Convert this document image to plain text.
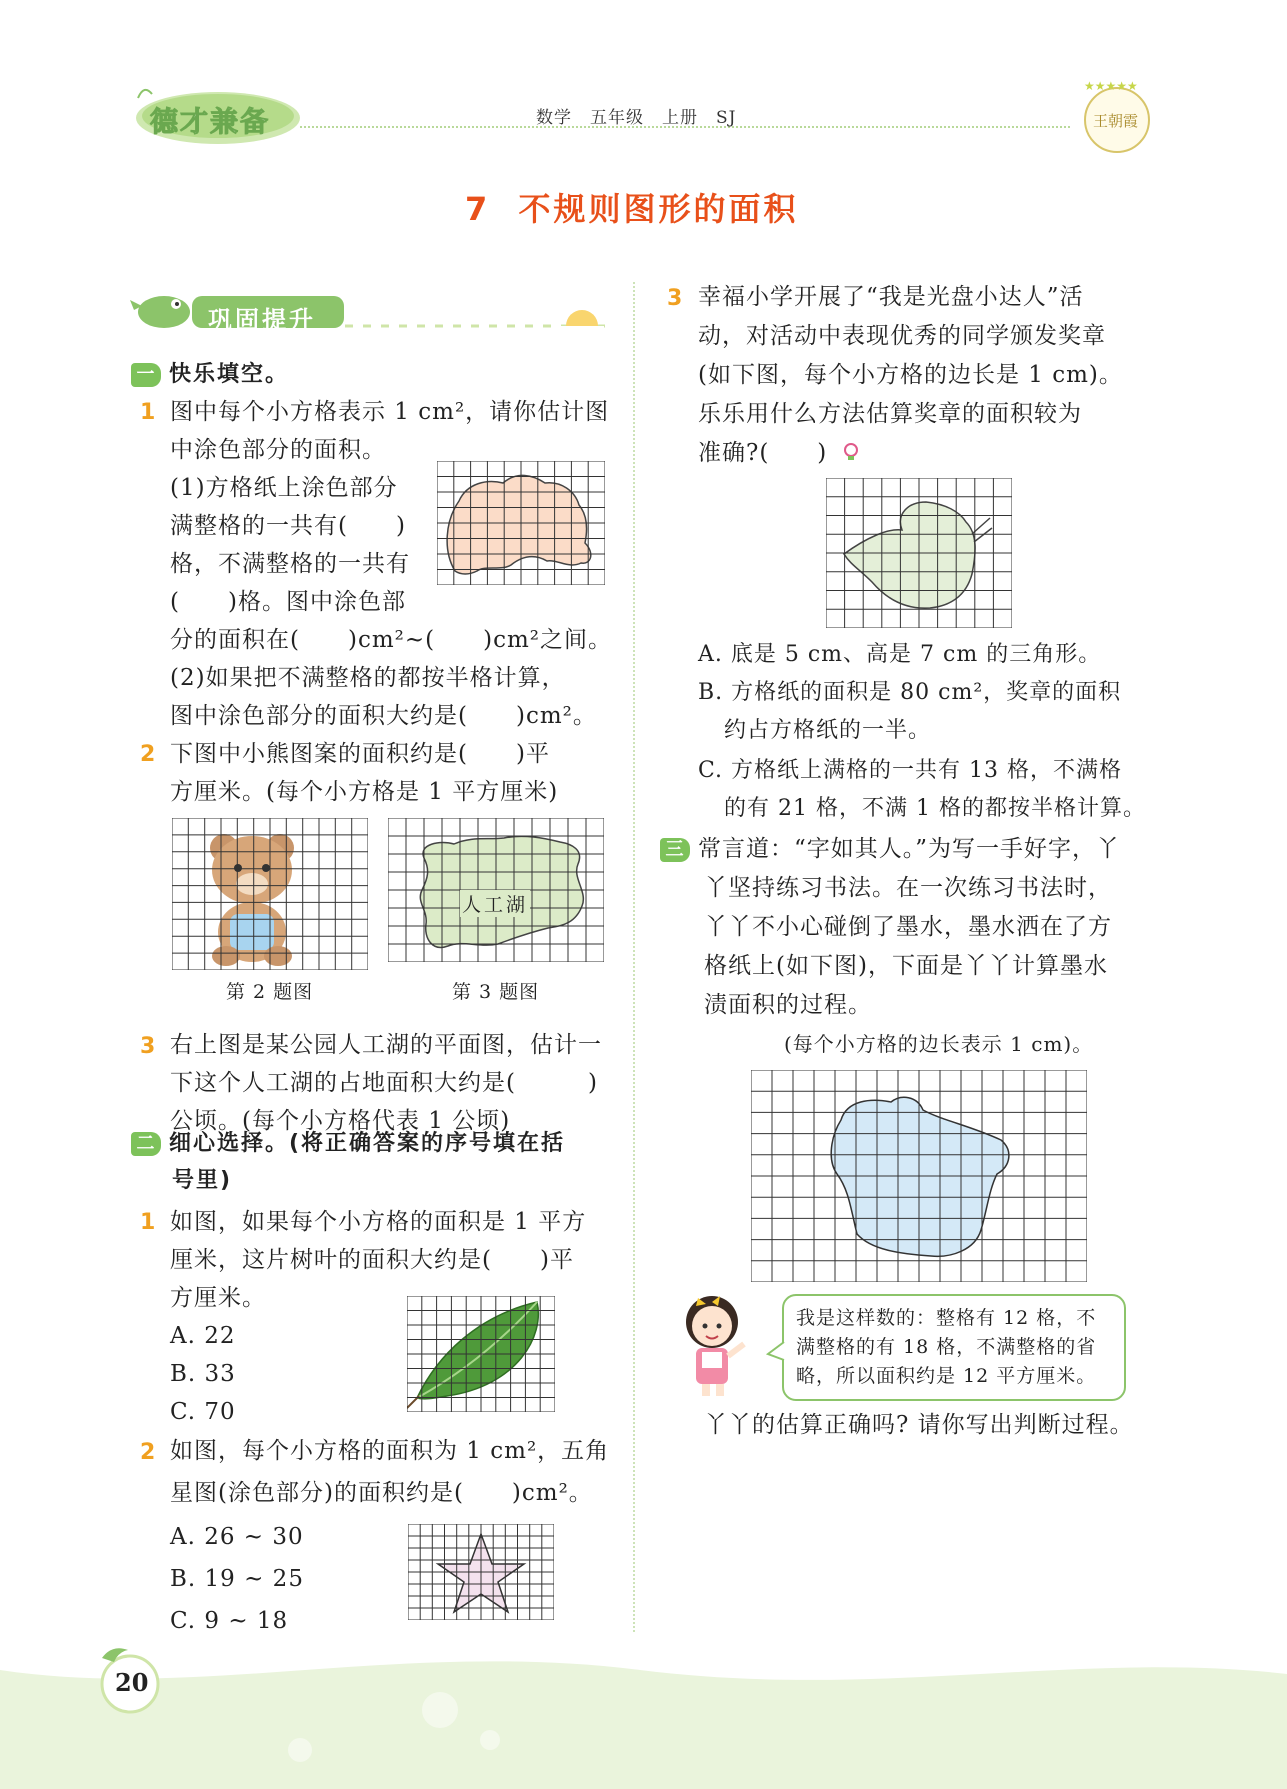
德才兼备	数学　五年级　上册　SJ
★★★★★
王朝霞
7  不规则图形的面积
巩固提升
一 快乐填空。
1 图中每个小方格表示 1 cm²，请你估计图
中涂色部分的面积。
(1)方格纸上涂色部分
满整格的一共有(　　)
格，不满整格的一共有
(　　)格。图中涂色部
分的面积在(　　)cm²~(　　)cm²之间。
(2)如果把不满整格的都按半格计算，
图中涂色部分的面积大约是(　　)cm²。
2 下图中小熊图案的面积约是(　　)平
方厘米。(每个小方格是 1 平方厘米)
人工湖
第 2 题图	第 3 题图
3 右上图是某公园人工湖的平面图，估计一
下这个人工湖的占地面积大约是(　　　)
公顷。(每个小方格代表 1 公顷)
二 细心选择。(将正确答案的序号填在括
号里)
1 如图，如果每个小方格的面积是 1 平方
厘米，这片树叶的面积大约是(　　)平
方厘米。
A. 22
B. 33
C. 70
2 如图，每个小方格的面积为 1 cm²，五角
星图(涂色部分)的面积约是(　　)cm²。
A. 26 ~ 30
B. 19 ~ 25
C. 9 ~ 18
3 幸福小学开展了“我是光盘小达人”活
动，对活动中表现优秀的同学颁发奖章
(如下图，每个小方格的边长是 1 cm)。
乐乐用什么方法估算奖章的面积较为
准确?(　　)
A. 底是 5 cm、高是 7 cm 的三角形。
B. 方格纸的面积是 80 cm²，奖章的面积
约占方格纸的一半。
C. 方格纸上满格的一共有 13 格，不满格
的有 21 格，不满 1 格的都按半格计算。
三 常言道：“字如其人。”为写一手好字，丫
丫坚持练习书法。在一次练习书法时，
丫丫不小心碰倒了墨水，墨水洒在了方
格纸上(如下图)，下面是丫丫计算墨水
渍面积的过程。
(每个小方格的边长表示 1 cm)。
我是这样数的：整格有 12 格，不
满整格的有 18 格，不满整格的省
略，所以面积约是 12 平方厘米。
丫丫的估算正确吗? 请你写出判断过程。
20
